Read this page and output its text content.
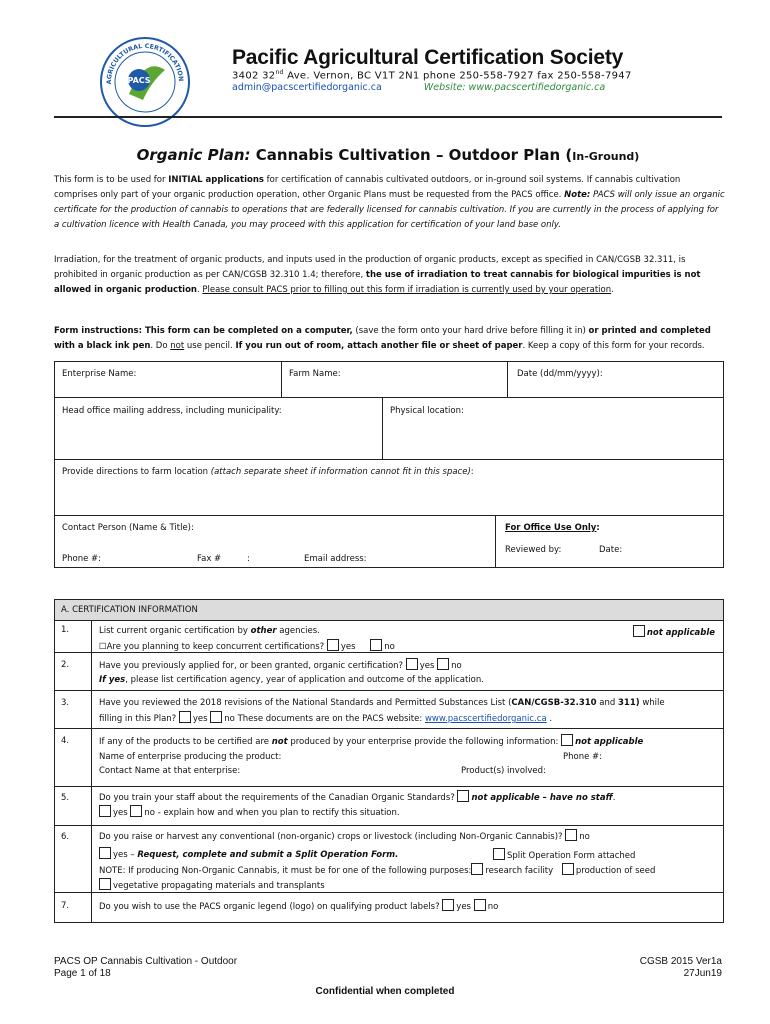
PACS
AGRICULTURAL CERTIFICATION
Pacific Agricultural Certification Society
3402 32nd Ave. Vernon, BC V1T 2N1 phone 250-558-7927 fax 250-558-7947
admin@pacscertifiedorganic.ca	Website: www.pacscertifiedorganic.ca
Organic Plan: Cannabis Cultivation – Outdoor Plan (In-Ground)
This form is to be used for INITIAL applications for certification of cannabis cultivated outdoors, or in-ground soil systems. If cannabis cultivation comprises only part of your organic production operation, other Organic Plans must be requested from the PACS office. Note: PACS will only issue an organic certificate for the production of cannabis to operations that are federally licensed for cannabis cultivation. If you are currently in the process of applying for a cultivation licence with Health Canada, you may proceed with this application for certification of your land base only.
Irradiation, for the treatment of organic products, and inputs used in the production of organic products, except as specified in CAN/CGSB 32.311, is prohibited in organic production as per CAN/CGSB 32.310 1.4; therefore, the use of irradiation to treat cannabis for biological impurities is not allowed in organic production. Please consult PACS prior to filling out this form if irradiation is currently used by your operation.
Form instructions: This form can be completed on a computer, (save the form onto your hard drive before filling it in) or printed and completed with a black ink pen. Do not use pencil. If you run out of room, attach another file or sheet of paper. Keep a copy of this form for your records.
Enterprise Name:	Farm Name:	Date (dd/mm/yyyy):
Head office mailing address, including municipality:	Physical location:
Provide directions to farm location (attach separate sheet if information cannot fit in this space):
Contact Person (Name & Title):	For Office Use Only:
Reviewed by:	Date:
Phone #:	Fax #	:	Email address:
A. CERTIFICATION INFORMATION
1.	List current organic certification by other agencies.	not applicable
☐Are you planning to keep concurrent certifications? yes	no
2.	Have you previously applied for, or been granted, organic certification? yes no
If yes, please list certification agency, year of application and outcome of the application.
3.	Have you reviewed the 2018 revisions of the National Standards and Permitted Substances List (CAN/CGSB-32.310 and 311) while
filling in this Plan? yes no These documents are on the PACS website: www.pacscertifiedorganic.ca .
4.	If any of the products to be certified are not produced by your enterprise provide the following information: not applicable
Name of enterprise producing the product:	Phone #:
Contact Name at that enterprise:	Product(s) involved:
5.	Do you train your staff about the requirements of the Canadian Organic Standards? not applicable – have no staff.
yes no - explain how and when you plan to rectify this situation.
6.	Do you raise or harvest any conventional (non-organic) crops or livestock (including Non-Organic Cannabis)? no
yes – Request, complete and submit a Split Operation Form.	Split Operation Form attached
NOTE: If producing Non-Organic Cannabis, it must be for one of the following purposes: research facility	production of seed
vegetative propagating materials and transplants
7.	Do you wish to use the PACS organic legend (logo) on qualifying product labels? yes no
PACS OP Cannabis Cultivation - Outdoor
Page 1 of 18
CGSB 2015 Ver1a
27Jun19
Confidential when completed
